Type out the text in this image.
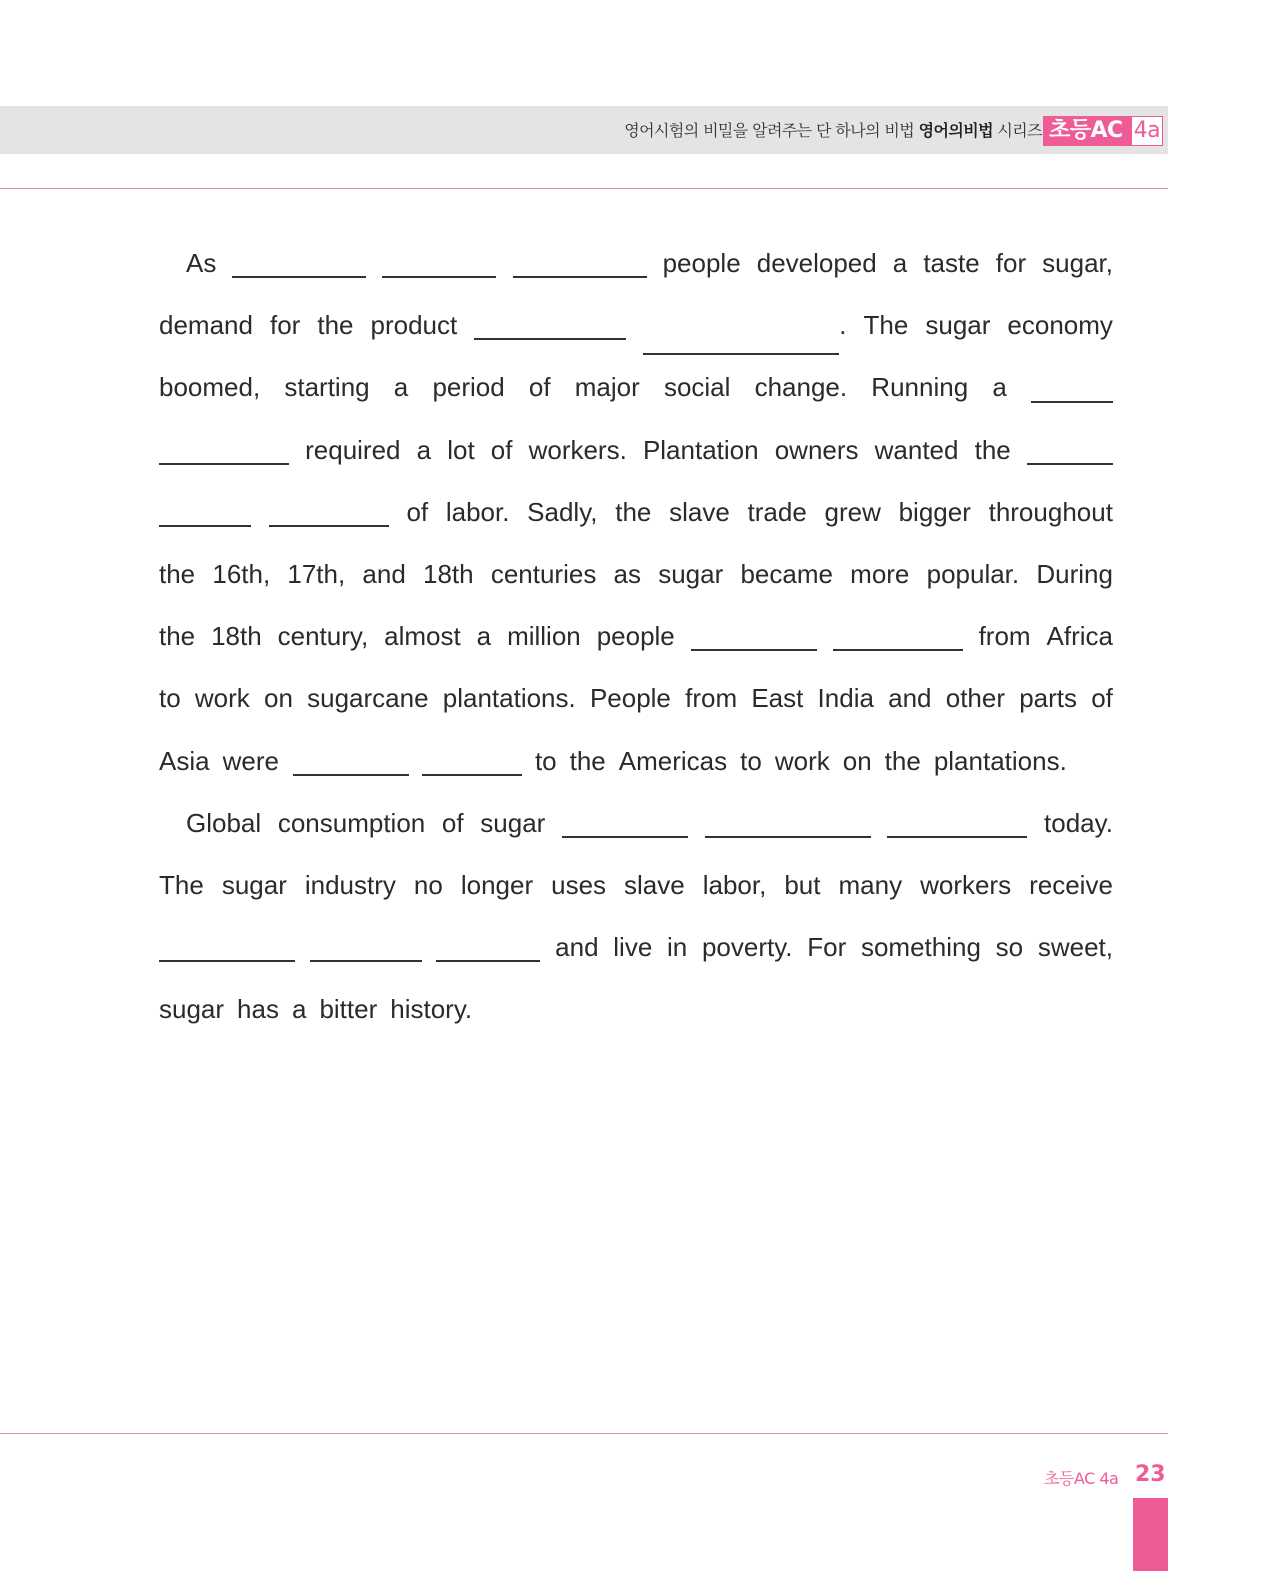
영어시험의 비밀을 알려주는 단 하나의 비법 영어의비법 시리즈 초등AC 4a
As	people developed a taste for sugar,
demand for the product	. The sugar economy
boomed, starting a period of major social change. Running a
required a lot of workers. Plantation owners wanted the
of labor. Sadly, the slave trade grew bigger throughout
the 16th, 17th, and 18th centuries as sugar became more popular. During
the 18th century, almost a million people	from Africa
to work on sugarcane plantations. People from East India and other parts of
Asia were	to the Americas to work on the plantations.
Global consumption of sugar	today.
The sugar industry no longer uses slave labor, but many workers receive
and live in poverty. For something so sweet,
sugar has a bitter history.
초등AC 4a 23
